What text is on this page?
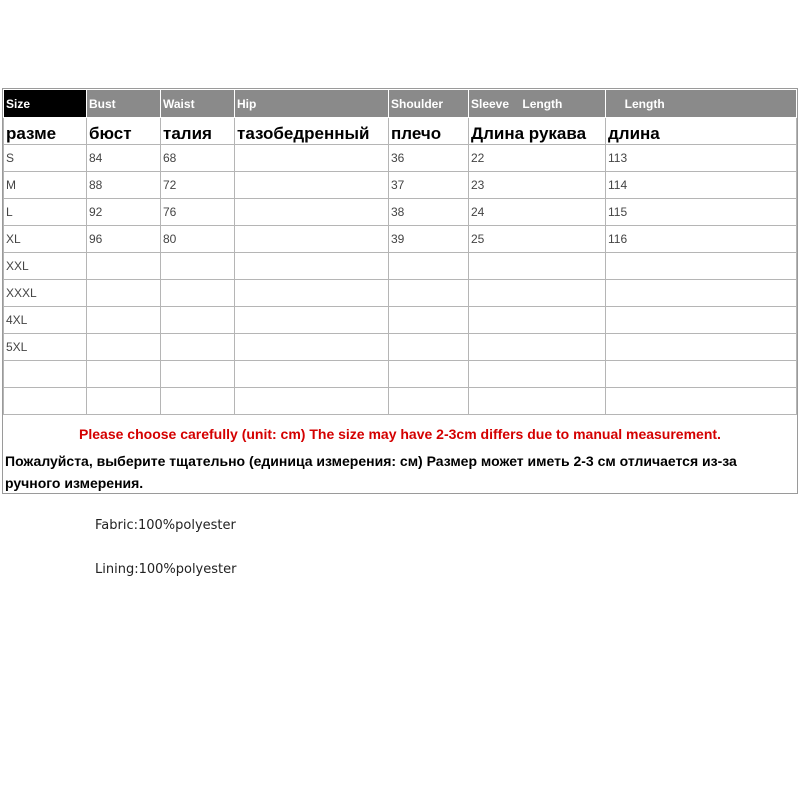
Size	Bust	Waist	Hip	Shoulder	Sleeve    Length	Length
разме	бюст	талия	тазобедренный	плечо	Длина рукава	длина
S	84	68		36	22	113
M	88	72		37	23	114
L	92	76		38	24	115
XL	96	80		39	25	116
XXL						
XXXL						
4XL						
5XL						

Please choose carefully (unit: cm) The size may have 2-3cm differs due to manual measurement.
Пожалуйста, выберите тщательно (единица измерения: см) Размер может иметь 2-3 см отличается из-за ручного измерения.
Fabric:100%polyester
Lining:100%polyester
